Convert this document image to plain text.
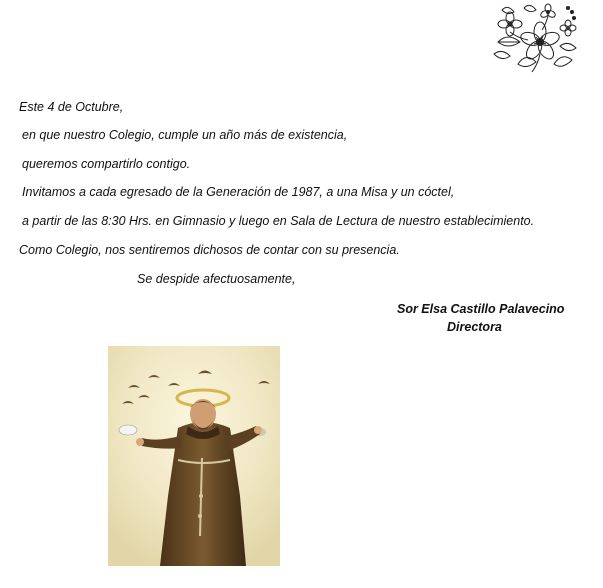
Este 4 de Octubre,

en que nuestro Colegio, cumple un año más de existencia,

queremos compartirlo contigo.

Invitamos a cada egresado de la Generación de 1987, a una Misa y un cóctel,

a partir de las 8:30 Hrs. en Gimnasio y luego en Sala de Lectura de nuestro establecimiento.

Como Colegio, nos sentiremos dichosos de contar con su presencia.

Se despide afectuosamente,

Sor Elsa Castillo Palavecino

Directora
